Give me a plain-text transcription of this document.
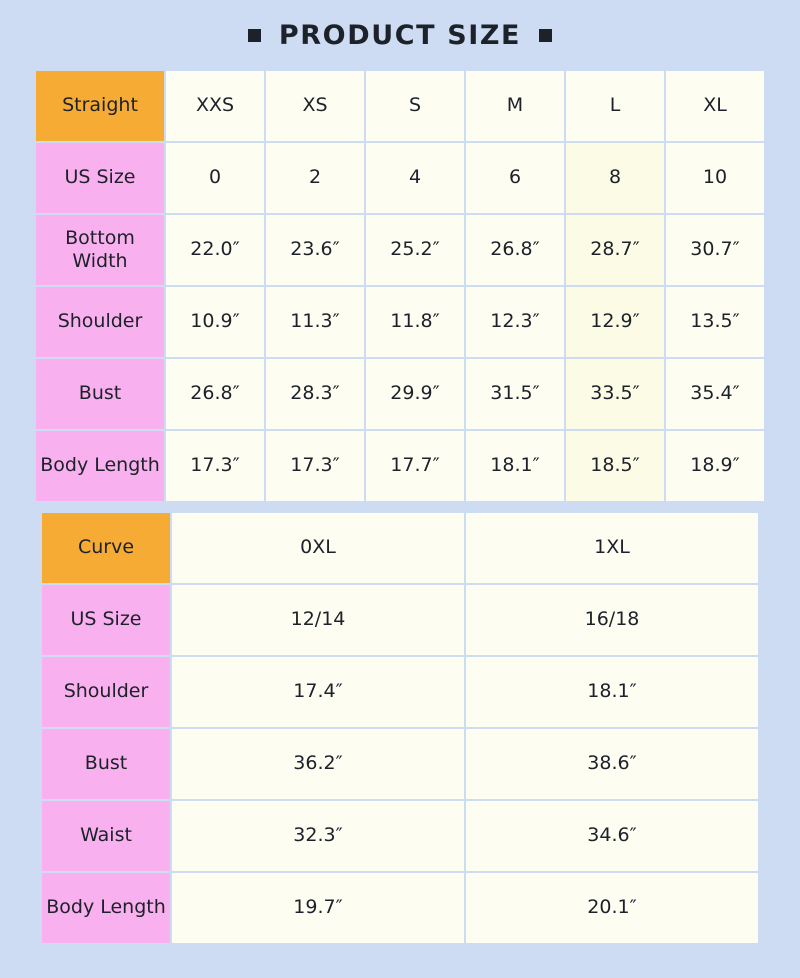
PRODUCT SIZE
Straight	XXS	XS	S	M	L	XL
US Size	0	2	4	6	8	10
Bottom Width	22.0″	23.6″	25.2″	26.8″	28.7″	30.7″
Shoulder	10.9″	11.3″	11.8″	12.3″	12.9″	13.5″
Bust	26.8″	28.3″	29.9″	31.5″	33.5″	35.4″
Body Length	17.3″	17.3″	17.7″	18.1″	18.5″	18.9″
Curve	0XL	1XL
US Size	12/14	16/18
Shoulder	17.4″	18.1″
Bust	36.2″	38.6″
Waist	32.3″	34.6″
Body Length	19.7″	20.1″
